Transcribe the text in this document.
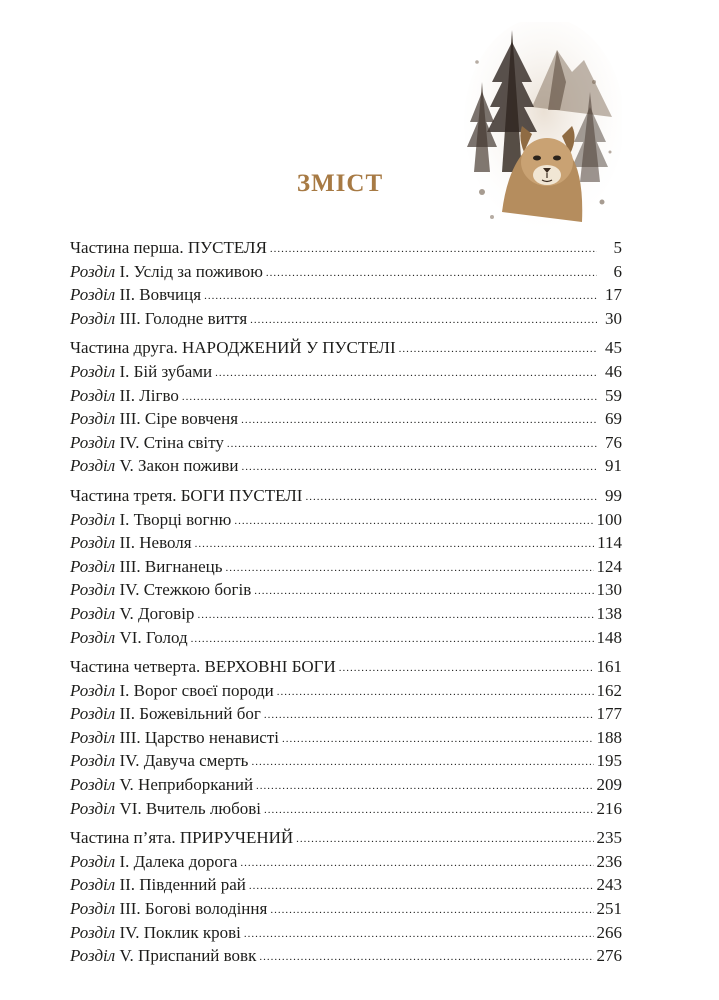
ЗМІСТ
Частина перша. ПУСТЕЛЯ .....	5
Розділ I. Услід за поживою .....	6
Розділ II. Вовчиця .....	17
Розділ III. Голодне виття .....	30
Частина друга. НАРОДЖЕНИЙ У ПУСТЕЛІ .....	45
Розділ I. Бій зубами .....	46
Розділ II. Лігво .....	59
Розділ III. Сіре вовченя .....	69
Розділ IV. Стіна світу .....	76
Розділ V. Закон поживи .....	91
Частина третя. БОГИ ПУСТЕЛІ .....	99
Розділ I. Творці вогню .....	100
Розділ II. Неволя .....	114
Розділ III. Вигнанець .....	124
Розділ IV. Стежкою богів .....	130
Розділ V. Договір .....	138
Розділ VI. Голод .....	148
Частина четверта. ВЕРХОВНІ БОГИ .....	161
Розділ I. Ворог своєї породи .....	162
Розділ II. Божевільний бог .....	177
Розділ III. Царство ненависті .....	188
Розділ IV. Давуча смерть .....	195
Розділ V. Неприборканий .....	209
Розділ VI. Вчитель любові .....	216
Частина п’ята. ПРИРУЧЕНИЙ .....	235
Розділ I. Далека дорога .....	236
Розділ II. Південний рай .....	243
Розділ III. Богові володіння .....	251
Розділ IV. Поклик крові .....	266
Розділ V. Приспаний вовк .....	276
